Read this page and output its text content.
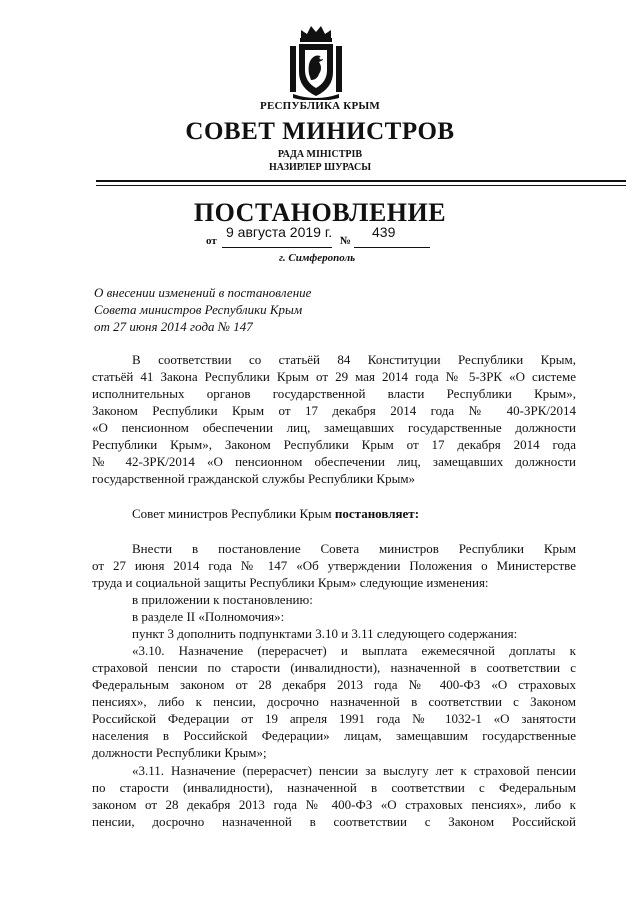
РЕСПУБЛИКА КРЫМ
СОВЕТ МИНИСТРОВ
РАДА МІНІСТРІВ
НАЗИРЛЕР ШУРАСЫ
ПОСТАНОВЛЕНИЕ
9 августа 2019 г.	439
от	№
г. Симферополь
О внесении изменений в постановление
Совета министров Республики Крым
от 27 июня 2014 года № 147
В соответствии со статьёй 84 Конституции Республики Крым,
статьёй 41 Закона Республики Крым от 29 мая 2014 года № 5-ЗРК «О системе
исполнительных органов государственной власти Республики Крым»,
Законом Республики Крым от 17 декабря 2014 года № 40-ЗРК/2014
«О пенсионном обеспечении лиц, замещавших государственные должности
Республики Крым», Законом Республики Крым от 17 декабря 2014 года
№ 42-ЗРК/2014 «О пенсионном обеспечении лиц, замещавших должности
государственной гражданской службы Республики Крым»
Совет министров Республики Крым постановляет:
Внести в постановление Совета министров Республики Крым
от 27 июня 2014 года № 147 «Об утверждении Положения о Министерстве
труда и социальной защиты Республики Крым» следующие изменения:
в приложении к постановлению:
в разделе II «Полномочия»:
пункт 3 дополнить подпунктами 3.10 и 3.11 следующего содержания:
«3.10. Назначение (перерасчет) и выплата ежемесячной доплаты к
страховой пенсии по старости (инвалидности), назначенной в соответствии с
Федеральным законом от 28 декабря 2013 года № 400-ФЗ «О страховых
пенсиях», либо к пенсии, досрочно назначенной в соответствии с Законом
Российской Федерации от 19 апреля 1991 года № 1032-1 «О занятости
населения в Российской Федерации» лицам, замещавшим государственные
должности Республики Крым»;
«3.11. Назначение (перерасчет) пенсии за выслугу лет к страховой пенсии
по старости (инвалидности), назначенной в соответствии с Федеральным
законом от 28 декабря 2013 года № 400-ФЗ «О страховых пенсиях», либо к
пенсии, досрочно назначенной в соответствии с Законом Российской
